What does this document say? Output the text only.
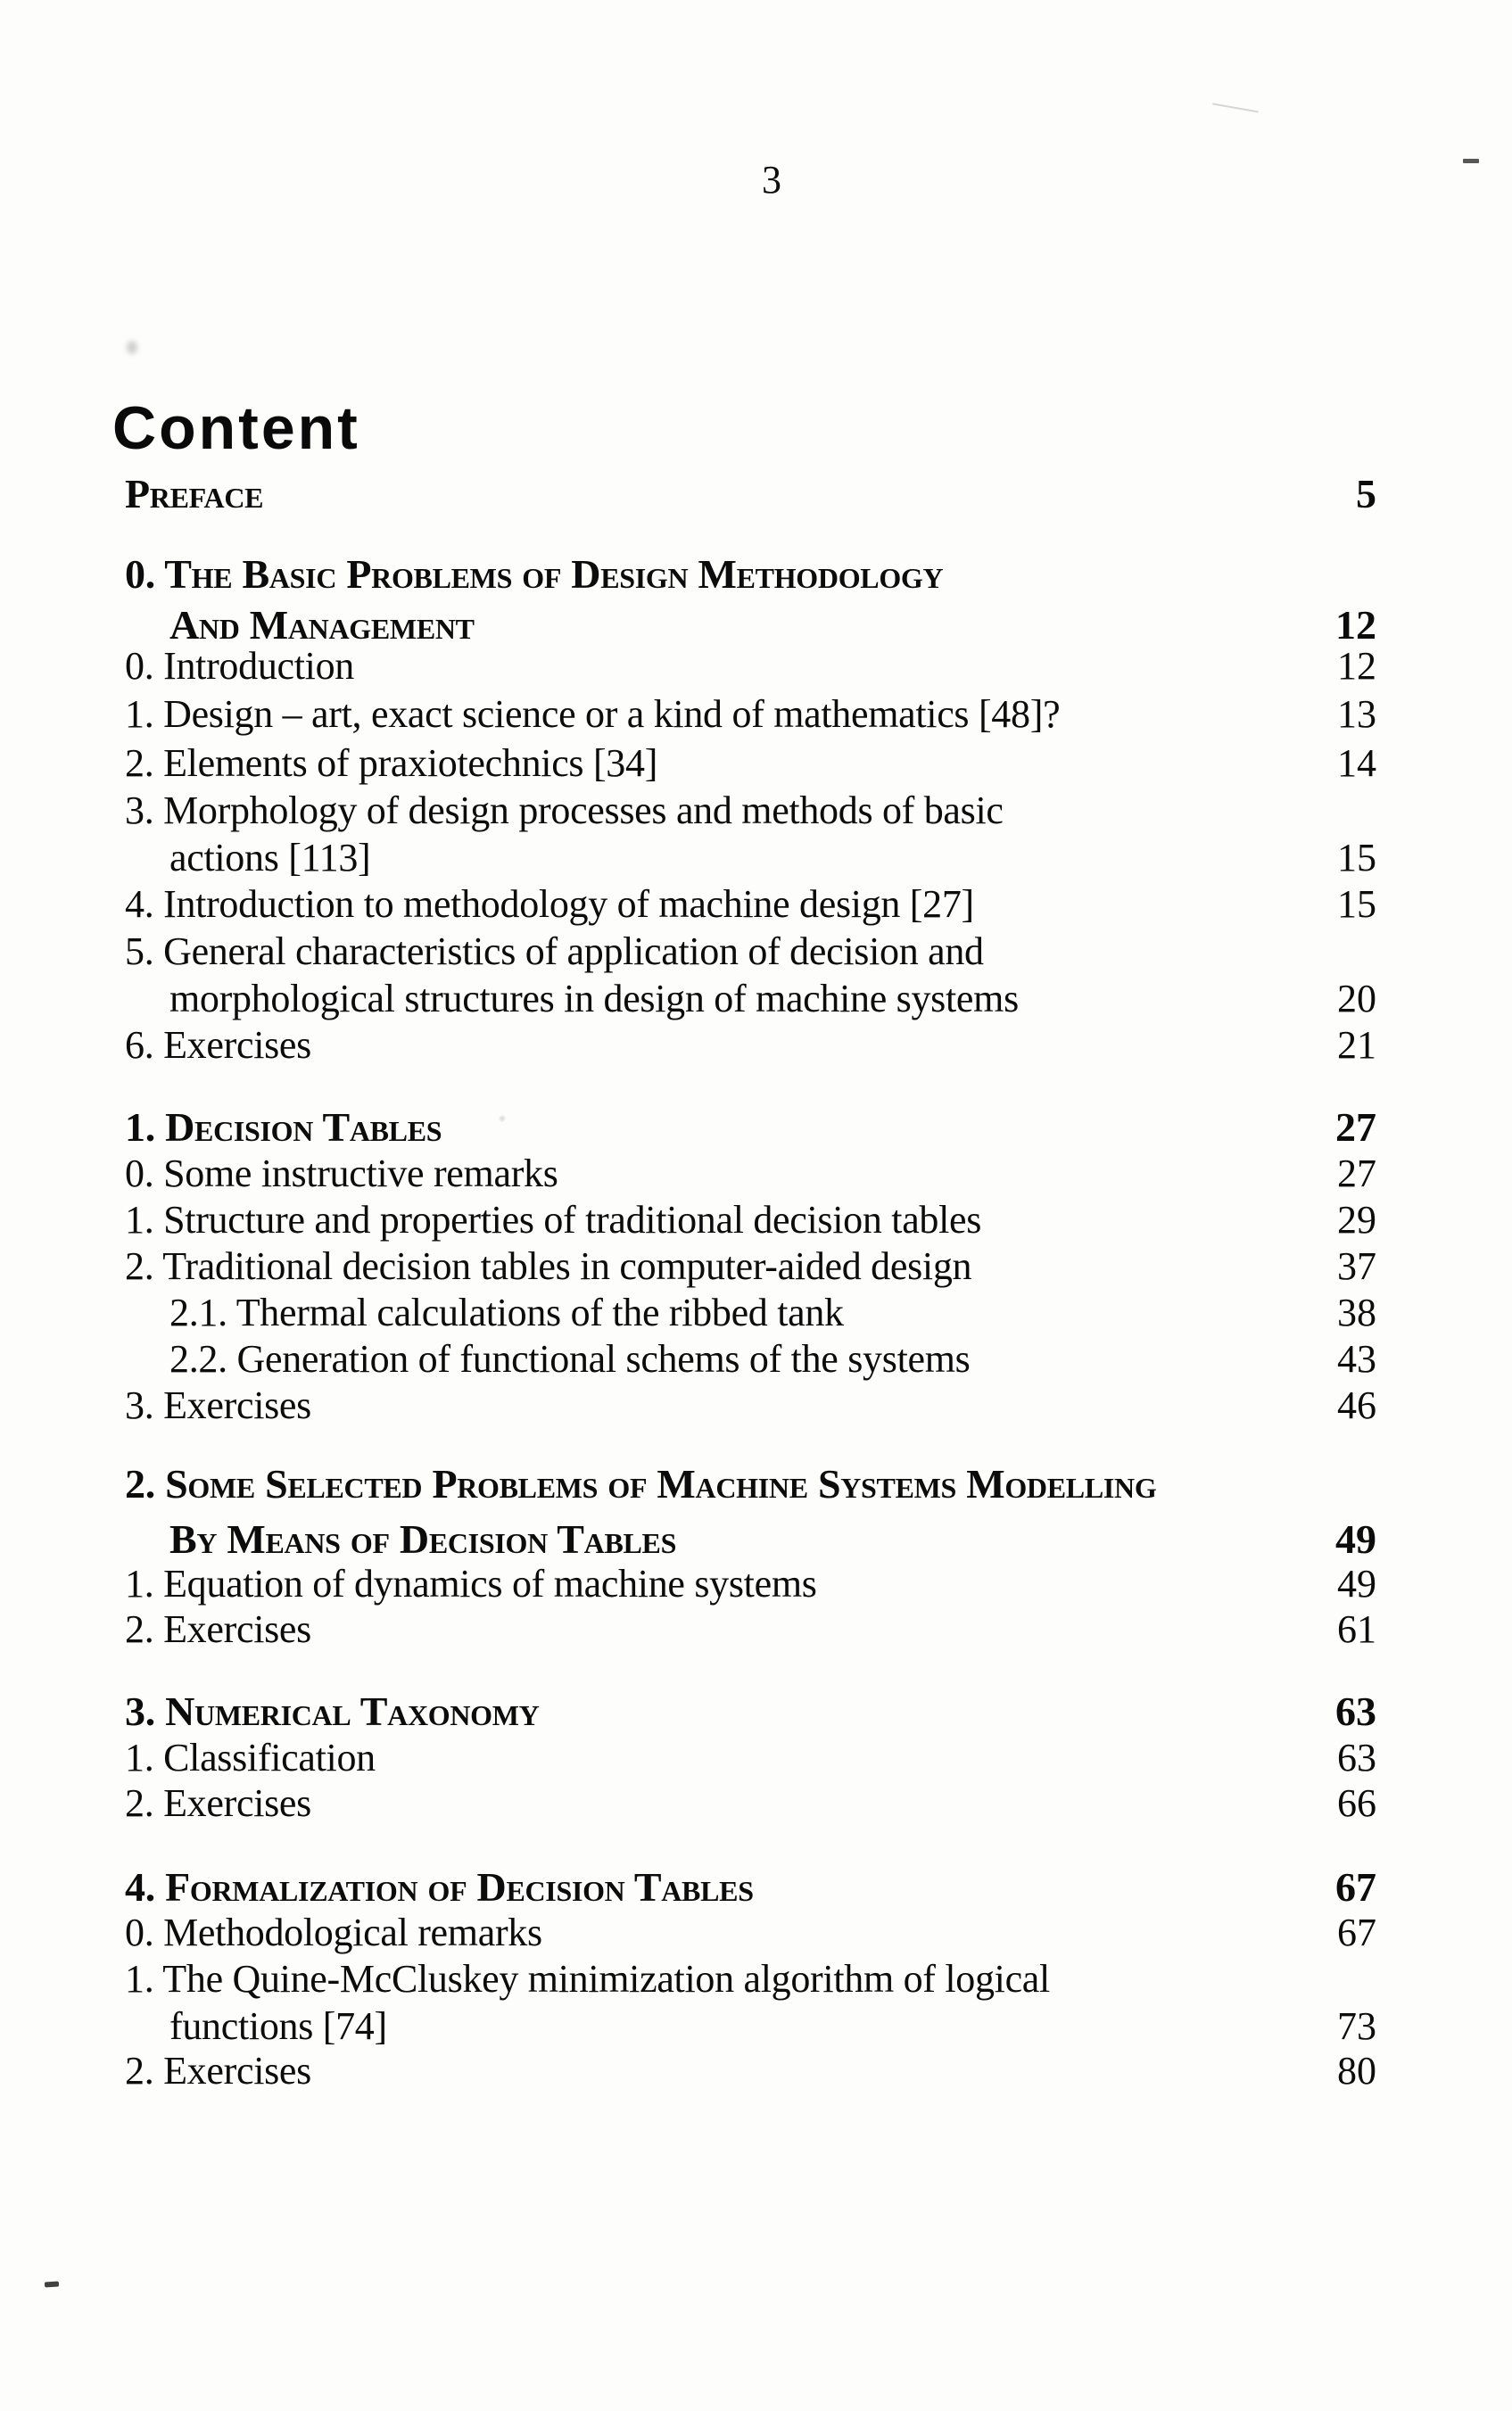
3
Content
Preface	5
0. The Basic Problems of Design Methodology
And Management	12
0. Introduction	12
1. Design – art, exact science or a kind of mathematics [48]?	13
2. Elements of praxiotechnics [34]	14
3. Morphology of design processes and methods of basic
actions [113]	15
4. Introduction to methodology of machine design [27]	15
5. General characteristics of application of decision and
morphological structures in design of machine systems	20
6. Exercises	21
1. Decision Tables	27
0. Some instructive remarks	27
1. Structure and properties of traditional decision tables	29
2. Traditional decision tables in computer-aided design	37
2.1. Thermal calculations of the ribbed tank	38
2.2. Generation of functional schems of the systems	43
3. Exercises	46
2. Some Selected Problems of Machine Systems Modelling
By Means of Decision Tables	49
1. Equation of dynamics of machine systems	49
2. Exercises	61
3. Numerical Taxonomy	63
1. Classification	63
2. Exercises	66
4. Formalization of Decision Tables	67
0. Methodological remarks	67
1. The Quine-McCluskey minimization algorithm of logical
functions [74]	73
2. Exercises	80
